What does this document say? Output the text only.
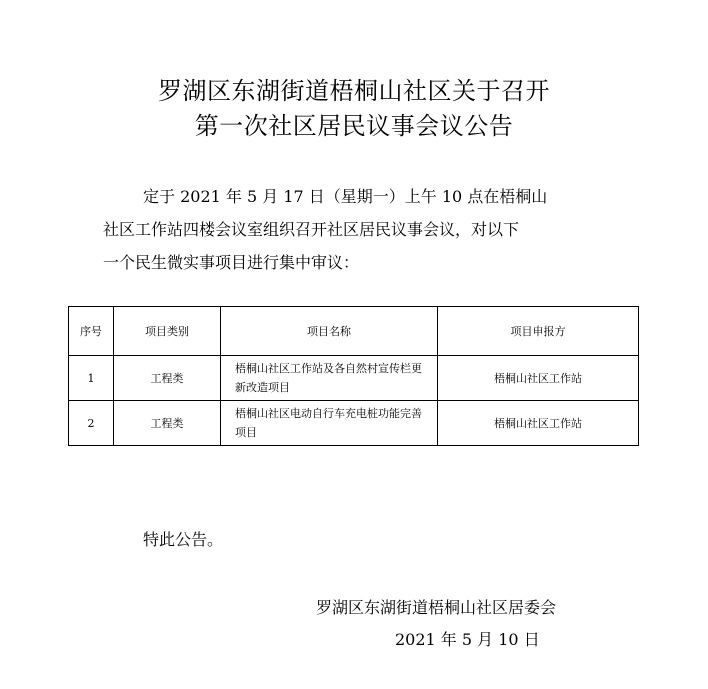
罗湖区东湖街道梧桐山社区关于召开
第一次社区居民议事会议公告
定于 2021 年 5 月 17 日（星期一）上午 10 点在梧桐山
社区工作站四楼会议室组织召开社区居民议事会议，对以下
一个民生微实事项目进行集中审议：
序号	项目类别	项目名称	项目申报方
1	工程类	梧桐山社区工作站及各自然村宣传栏更新改造项目	梧桐山社区工作站
2	工程类	梧桐山社区电动自行车充电桩功能完善项目	梧桐山社区工作站
特此公告。
罗湖区东湖街道梧桐山社区居委会
2021 年 5 月 10 日
